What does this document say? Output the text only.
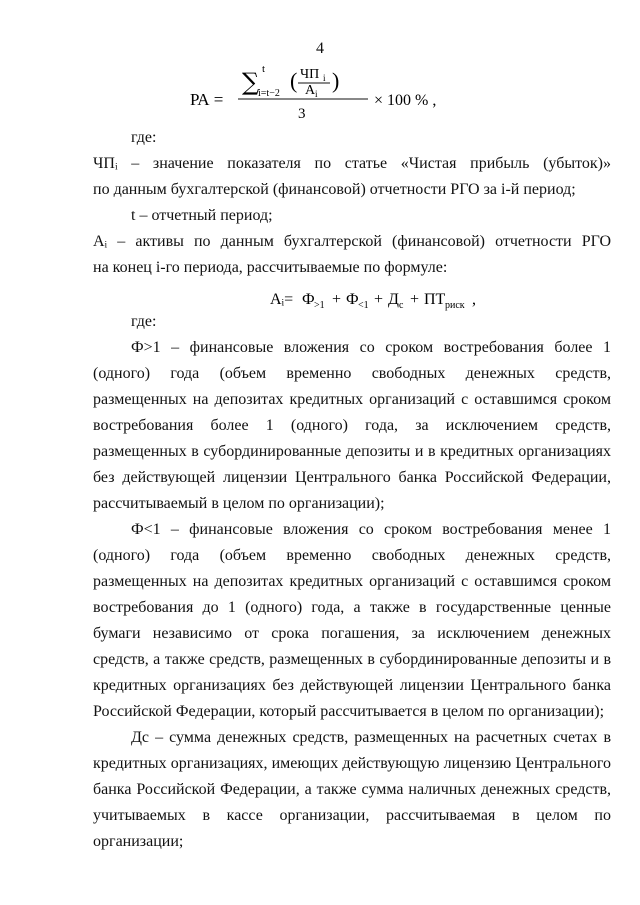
4
РА =
∑ t
i=t−2
( ЧП i
A i
)
3
× 100 % ,
где:
ЧПᵢ – значение показателя по статье «Чистая прибыль (убыток)»
по данным бухгалтерской (финансовой) отчетности РГО за i-й период;
t – отчетный период;
Аᵢ – активы по данным бухгалтерской (финансовой) отчетности РГО
на конец i-го периода, рассчитываемые по формуле:
Аᵢ= Ф >1 + Ф <1 + Д с + ПТ риск ,
где:
Ф>1 – финансовые вложения со сроком востребования более 1 (одного) года (объем временно свободных денежных средств, размещенных на депозитах кредитных организаций с оставшимся сроком востребования более 1 (одного) года, за исключением средств, размещенных в субординированные депозиты и в кредитных организациях без действующей лицензии Центрального банка Российской Федерации, рассчитываемый в целом по организации);
Ф<1 – финансовые вложения со сроком востребования менее 1 (одного) года (объем временно свободных денежных средств, размещенных на депозитах кредитных организаций с оставшимся сроком востребования до 1 (одного) года, а также в государственные ценные бумаги независимо от срока погашения, за исключением денежных средств, а также средств, размещенных в субординированные депозиты и в кредитных организациях без действующей лицензии Центрального банка Российской Федерации, который рассчитывается в целом по организации);
Дс – сумма денежных средств, размещенных на расчетных счетах в кредитных организациях, имеющих действующую лицензию Центрального банка Российской Федерации, а также сумма наличных денежных средств, учитываемых в кассе организации, рассчитываемая в целом по организации;
